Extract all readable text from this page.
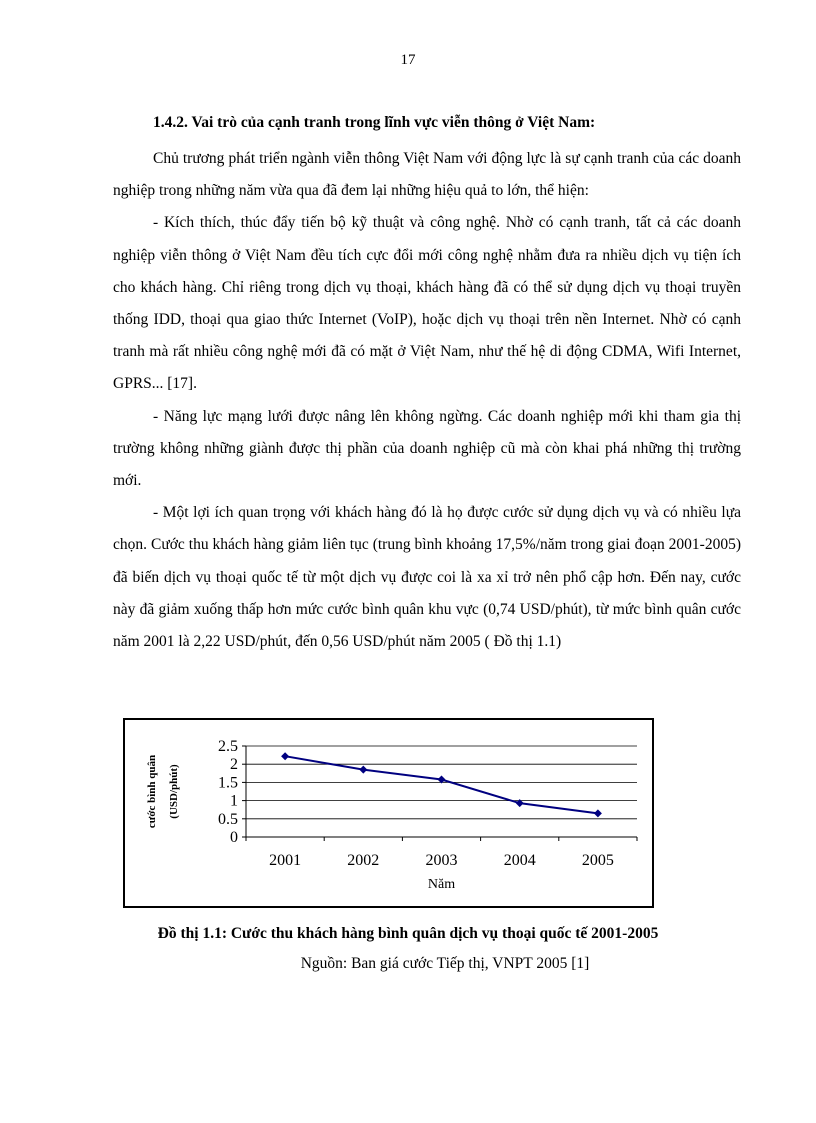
17
1.4.2. Vai trò của cạnh tranh trong lĩnh vực viễn thông ở Việt Nam:

Chủ trương phát triển ngành viễn thông Việt Nam với động lực là sự cạnh tranh của các doanh nghiệp trong những năm vừa qua đã đem lại những hiệu quả to lớn, thể hiện:

- Kích thích, thúc đẩy tiến bộ kỹ thuật và công nghệ. Nhờ có cạnh tranh, tất cả các doanh nghiệp viễn thông ở Việt Nam đều tích cực đổi mới công nghệ nhằm đưa ra nhiều dịch vụ tiện ích cho khách hàng. Chỉ riêng trong dịch vụ thoại, khách hàng đã có thể sử dụng dịch vụ thoại truyền thống IDD, thoại qua giao thức Internet (VoIP), hoặc dịch vụ thoại trên nền Internet. Nhờ có cạnh tranh mà rất nhiều công nghệ mới đã có mặt ở Việt Nam, như thế hệ di động CDMA, Wifi Internet, GPRS... [17].

- Năng lực mạng lưới được nâng lên không ngừng. Các doanh nghiệp mới khi tham gia thị trường không những giành được thị phần của doanh nghiệp cũ mà còn khai phá những thị trường mới.

- Một lợi ích quan trọng với khách hàng đó là họ được cước sử dụng dịch vụ và có nhiều lựa chọn. Cước thu khách hàng giảm liên tục (trung bình khoảng 17,5%/năm trong giai đoạn 2001-2005) đã biến dịch vụ thoại quốc tế từ một dịch vụ được coi là xa xỉ trở nên phổ cập hơn. Đến nay, cước này đã giảm xuống thấp hơn mức cước bình quân khu vực (0,74 USD/phút), từ mức bình quân cước năm 2001 là 2,22 USD/phút, đến 0,56 USD/phút năm 2005 ( Đồ thị 1.1)

0
0.5
1
1.5
2
2.5
2001	2002	2003	2004	2005
Năm
cước bình quân (USD/phút)

Đồ thị 1.1: Cước thu khách hàng bình quân dịch vụ thoại quốc tế 2001-2005

Nguồn: Ban giá cước Tiếp thị, VNPT 2005 [1]
